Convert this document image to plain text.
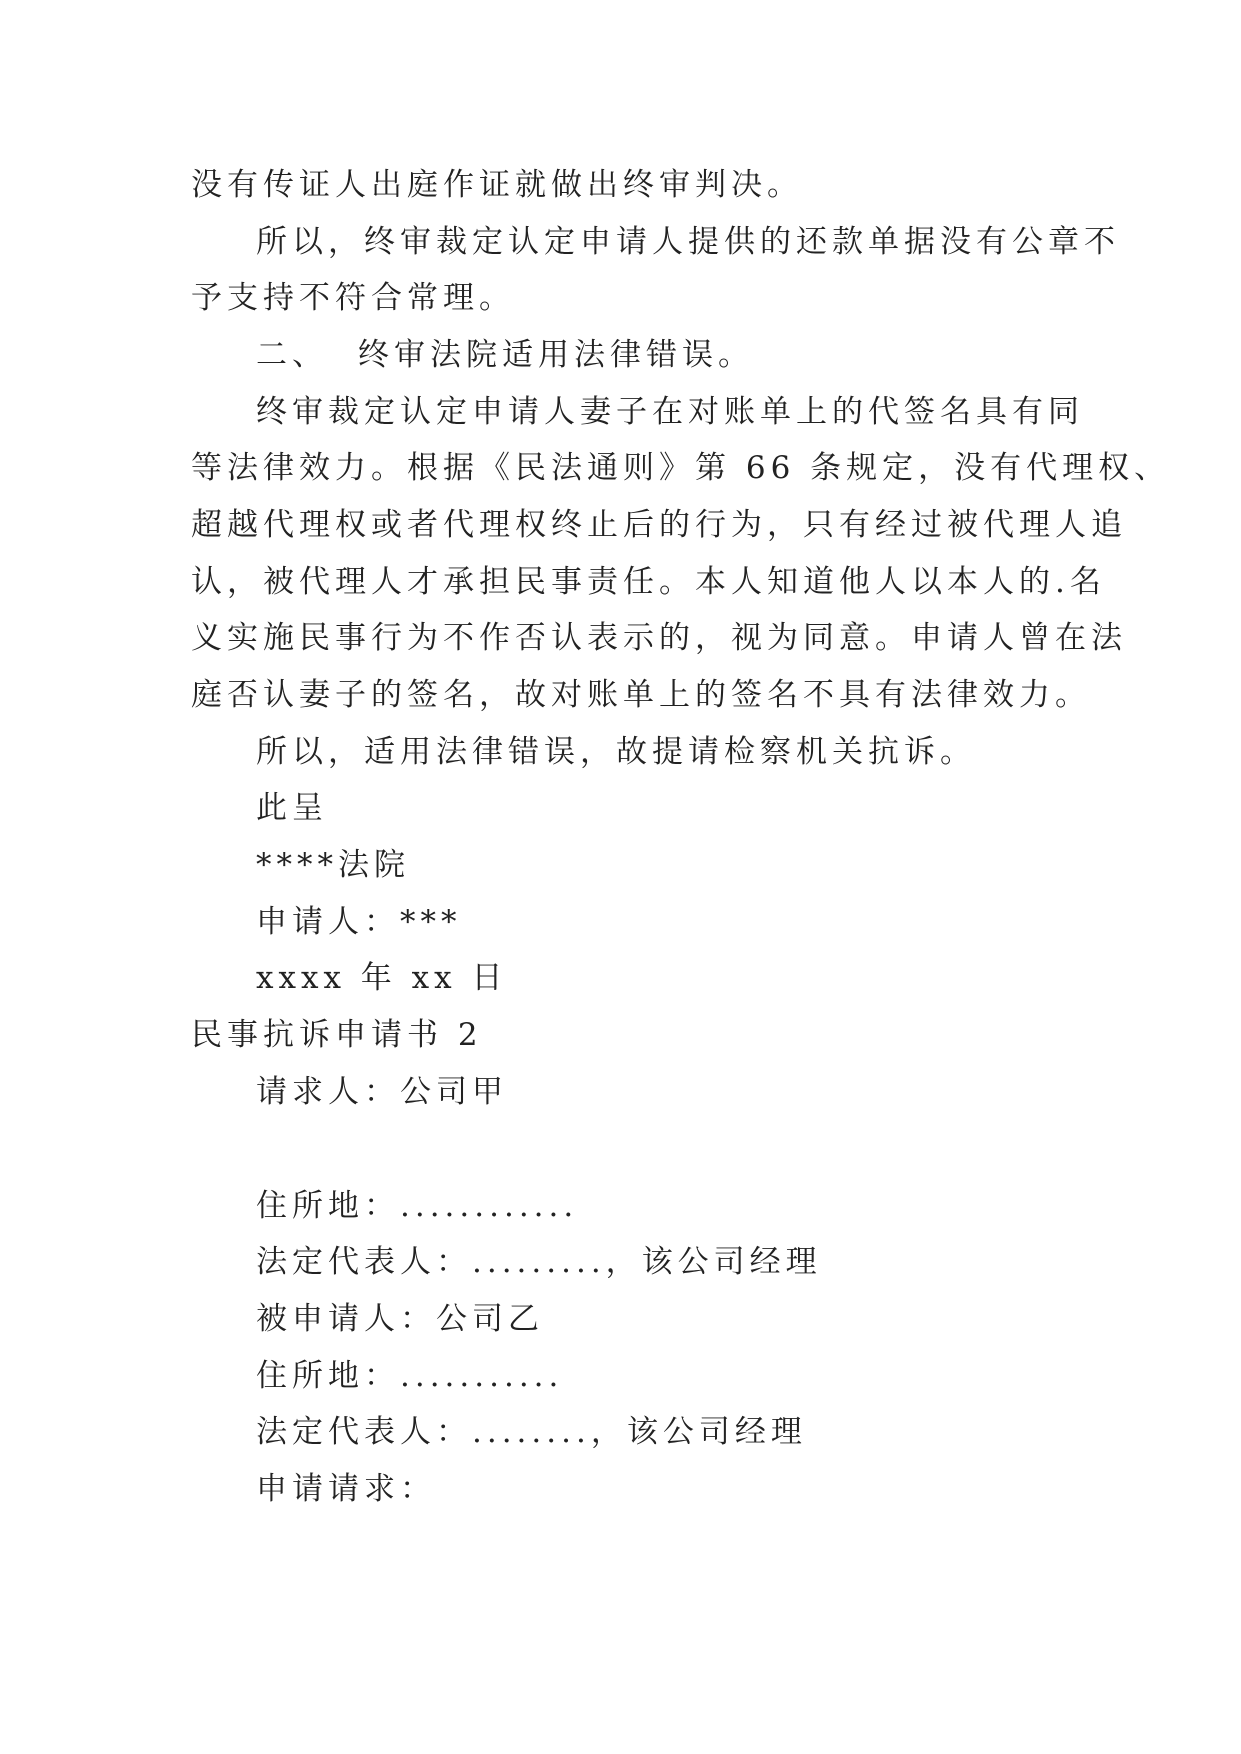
没有传证人出庭作证就做出终审判决。
所以，终审裁定认定申请人提供的还款单据没有公章不
予支持不符合常理。
二、 终审法院适用法律错误。
终审裁定认定申请人妻子在对账单上的代签名具有同
等法律效力。根据《民法通则》第 66 条规定，没有代理权、
超越代理权或者代理权终止后的行为，只有经过被代理人追
认，被代理人才承担民事责任。本人知道他人以本人的.名
义实施民事行为不作否认表示的，视为同意。申请人曾在法
庭否认妻子的签名，故对账单上的签名不具有法律效力。
所以，适用法律错误，故提请检察机关抗诉。
此呈
****法院
申请人：***
xxxx 年 xx 日
民事抗诉申请书 2
请求人：公司甲
住所地：............
法定代表人：.........，该公司经理
被申请人：公司乙
住所地：...........
法定代表人：........，该公司经理
申请请求：
